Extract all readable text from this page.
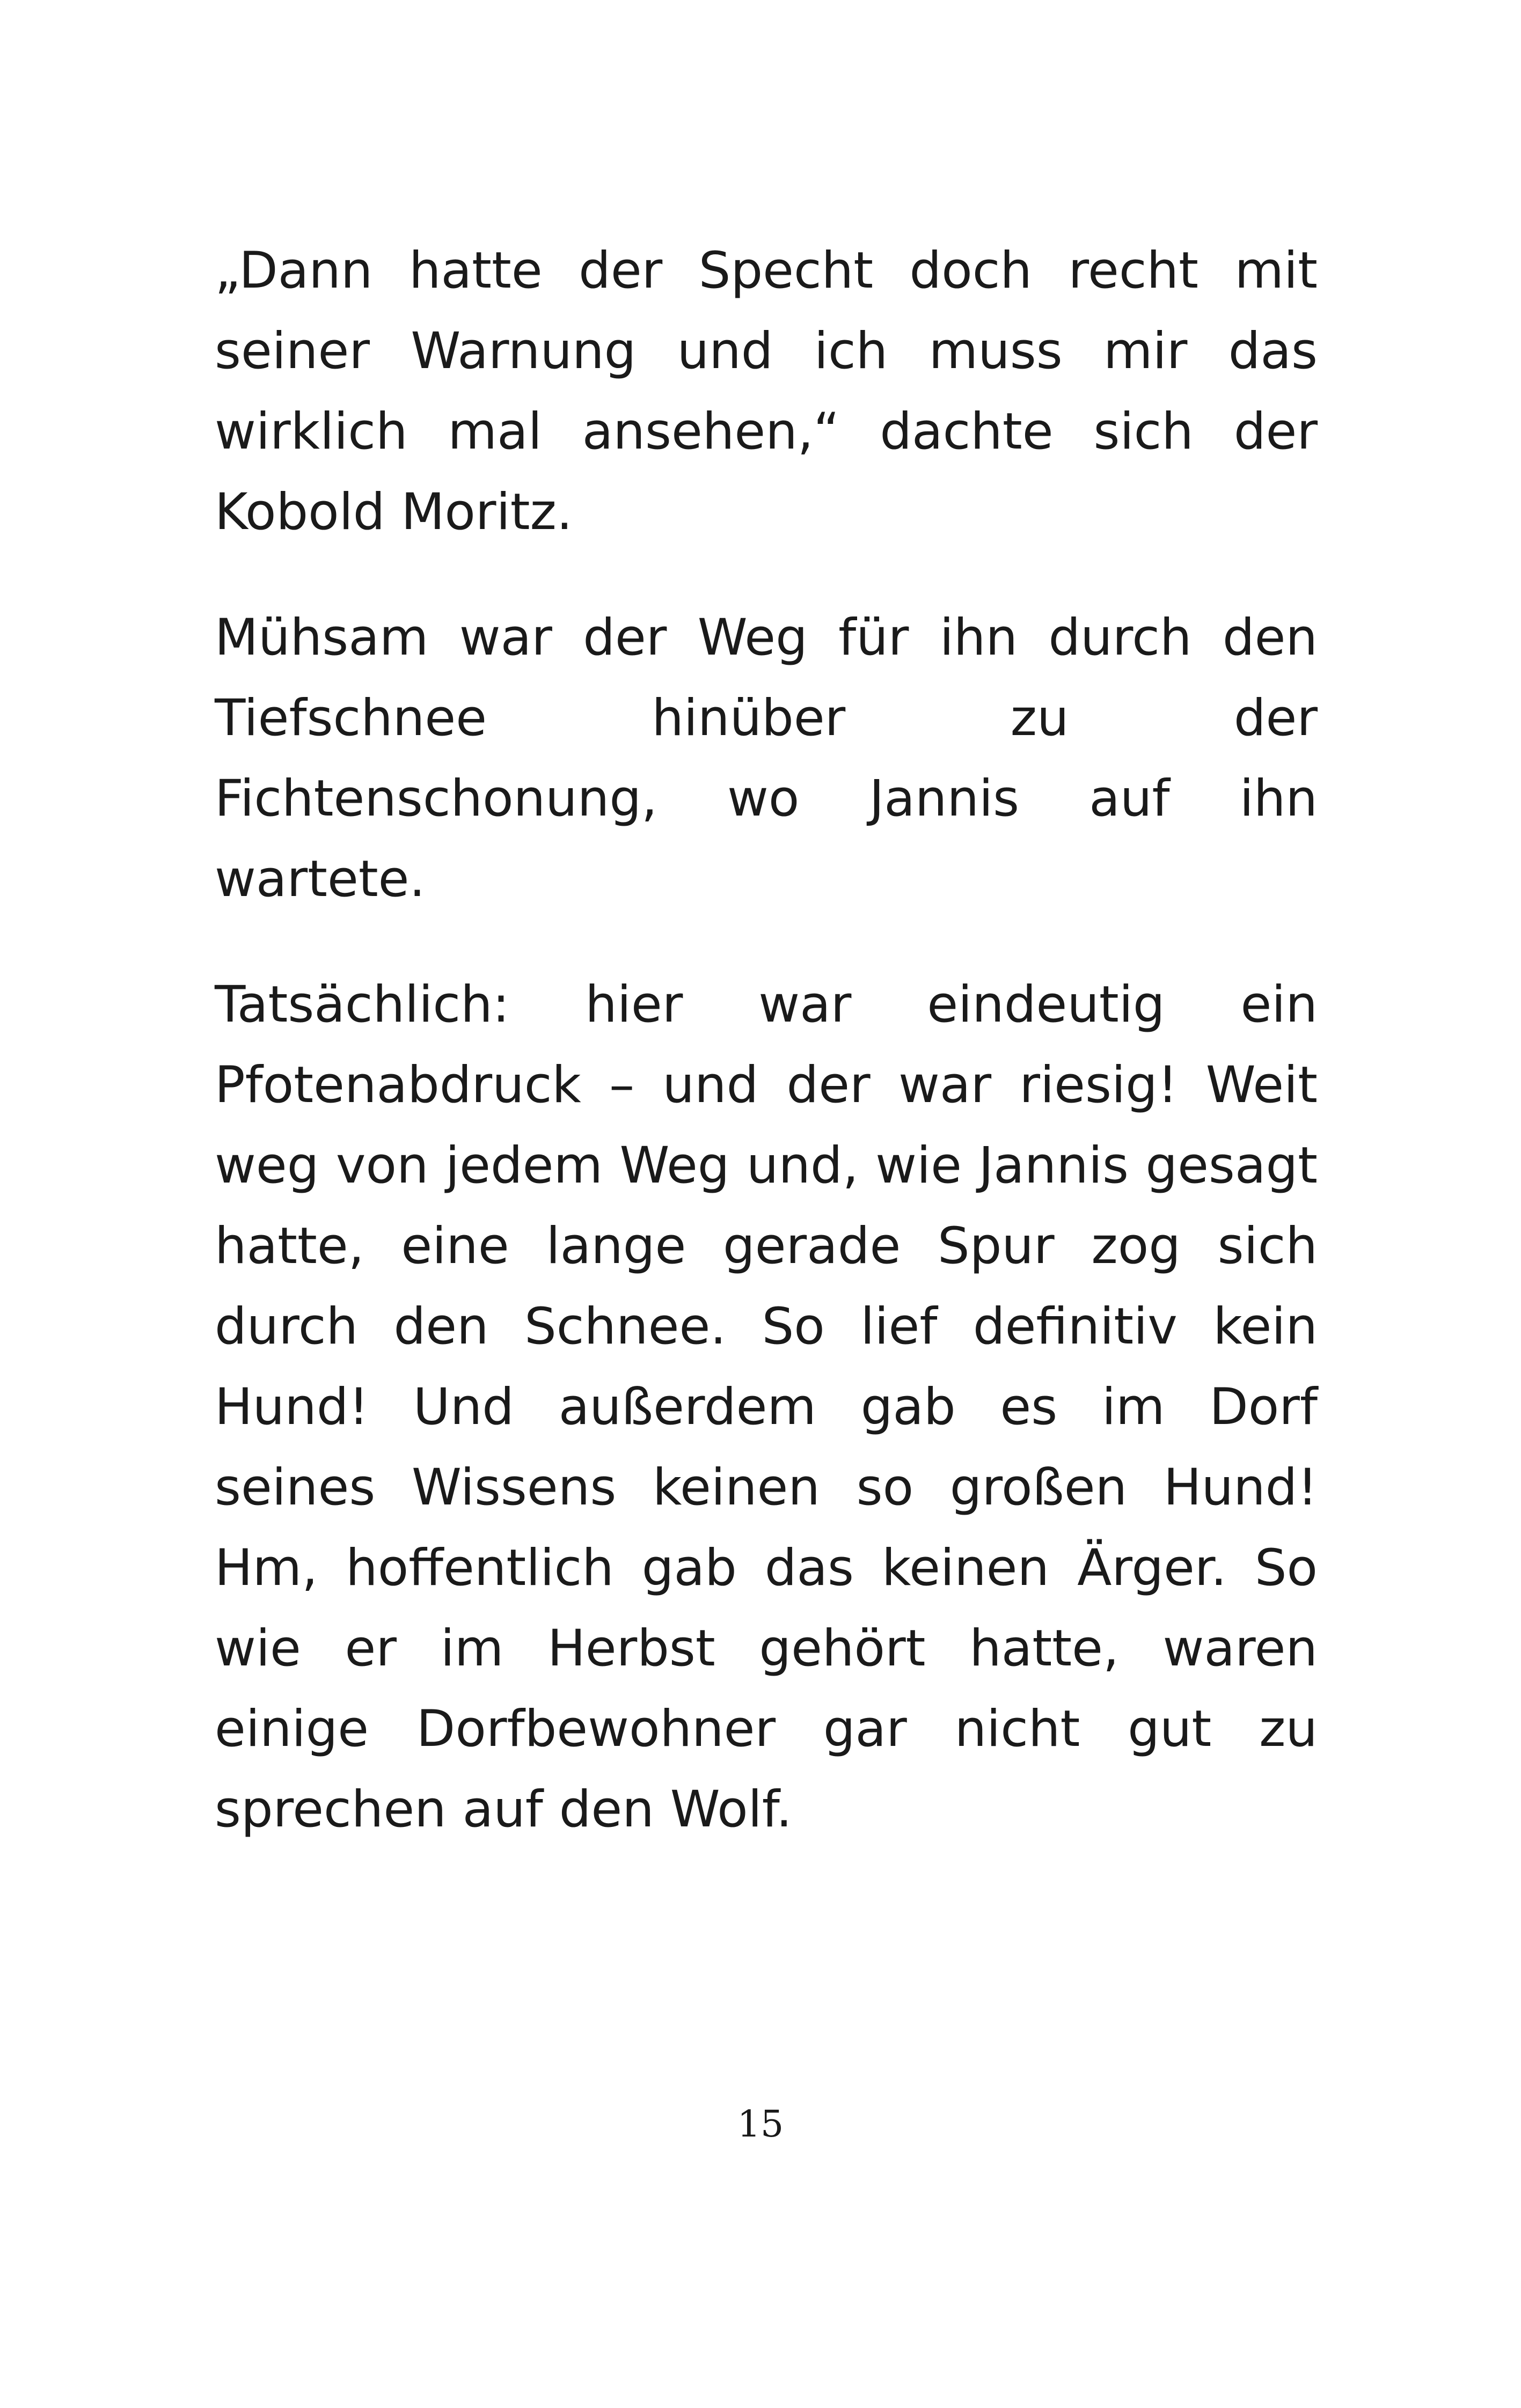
„Dann hatte der Specht doch recht mit seiner Warnung und ich muss mir das wirklich mal ansehen,“ dachte sich der Kobold Moritz.

Mühsam war der Weg für ihn durch den Tiefschnee hinüber zu der Fichtenschonung, wo Jannis auf ihn wartete.

Tatsächlich: hier war eindeutig ein Pfotenabdruck – und der war riesig! Weit weg von jedem Weg und, wie Jannis gesagt hatte, eine lange gerade Spur zog sich durch den Schnee. So lief definitiv kein Hund! Und außerdem gab es im Dorf seines Wissens keinen so großen Hund! Hm, hoffentlich gab das keinen Ärger. So wie er im Herbst gehört hatte, waren einige Dorfbewohner gar nicht gut zu sprechen auf den Wolf.

15
